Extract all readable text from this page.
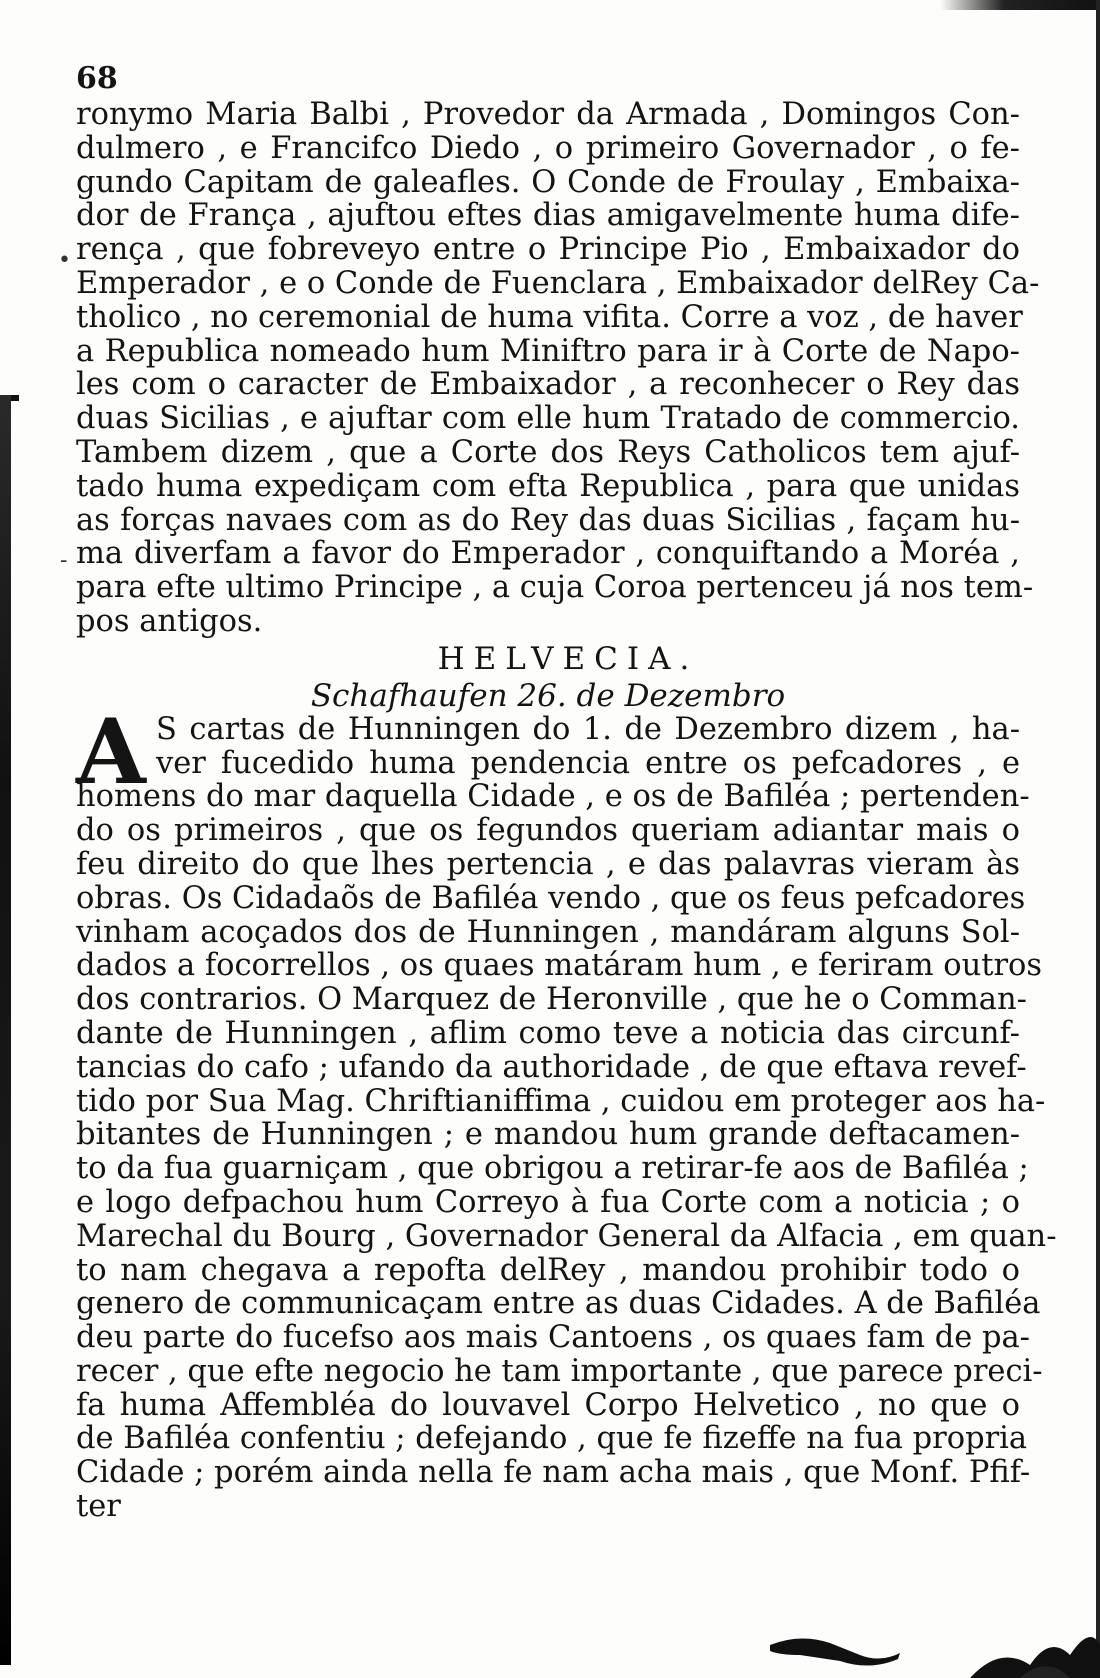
•
-
68
ronymo Maria Balbi , Provedor da Armada , Domingos Con-
dulmero , e Francifco Diedo , o primeiro Governador , o fe-
gundo Capitam de galeafles. O Conde de Froulay , Embaixa-
dor de França , ajuftou eftes dias amigavelmente huma dife-
rença , que fobreveyo entre o Principe Pio , Embaixador do
Emperador , e o Conde de Fuenclara , Embaixador delRey Ca-
tholico , no ceremonial de huma vifita. Corre a voz , de haver
a Republica nomeado hum Miniftro para ir à Corte de Napo-
les com o caracter de Embaixador , a reconhecer o Rey das
duas Sicilias , e ajuftar com elle hum Tratado de commercio.
Tambem dizem , que a Corte dos Reys Catholicos tem ajuf-
tado huma expediçam com efta Republica , para que unidas
as forças navaes com as do Rey das duas Sicilias , façam hu-
ma diverfam a favor do Emperador , conquiftando a Moréa ,
para efte ultimo Principe , a cuja Coroa pertenceu já nos tem-
pos antigos.
HELVECIA.
Schafhaufen 26. de Dezembro
A S cartas de Hunningen do 1. de Dezembro dizem , ha-
ver fucedido huma pendencia entre os pefcadores , e
homens do mar daquella Cidade , e os de Bafiléa ; pertenden-
do os primeiros , que os fegundos queriam adiantar mais o
feu direito do que lhes pertencia , e das palavras vieram às
obras. Os Cidadaõs de Bafiléa vendo , que os feus pefcadores
vinham acoçados dos de Hunningen , mandáram alguns Sol-
dados a focorrellos , os quaes matáram hum , e feriram outros
dos contrarios. O Marquez de Heronville , que he o Comman-
dante de Hunningen , aflim como teve a noticia das circunf-
tancias do cafo ; ufando da authoridade , de que eftava revef-
tido por Sua Mag. Chriftianiffima , cuidou em proteger aos ha-
bitantes de Hunningen ; e mandou hum grande deftacamen-
to da fua guarniçam , que obrigou a retirar-fe aos de Bafiléa ;
e logo defpachou hum Correyo à fua Corte com a noticia ; o
Marechal du Bourg , Governador General da Alfacia , em quan-
to nam chegava a repofta delRey , mandou prohibir todo o
genero de communicaçam entre as duas Cidades. A de Bafiléa
deu parte do fucefso aos mais Cantoens , os quaes fam de pa-
recer , que efte negocio he tam importante , que parece preci-
fa huma Affembléa do louvavel Corpo Helvetico , no que o
de Bafiléa confentiu ; defejando , que fe fizeffe na fua propria
Cidade ; porém ainda nella fe nam acha mais , que Monf. Pfif-
ter
